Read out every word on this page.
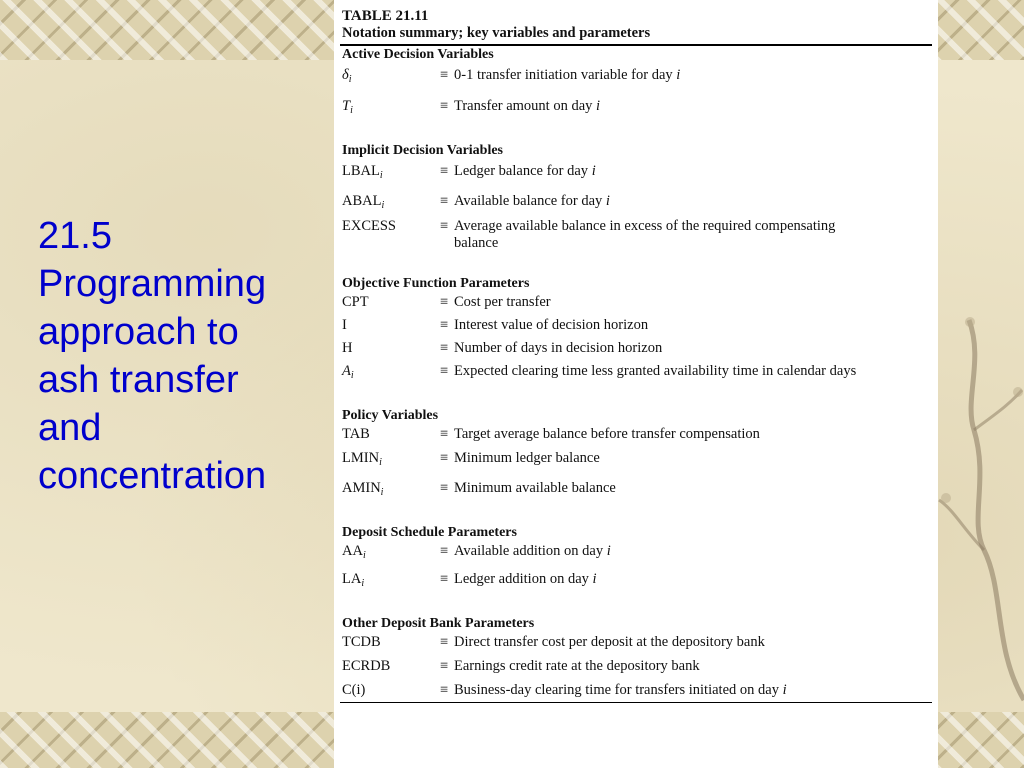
21.5
Programming
approach to
ash transfer
and
concentration
TABLE 21.11
Notation summary; key variables and parameters
Active Decision Variables
$\delta_i$	≡ 0-1 transfer initiation variable for day i
$T_i$	≡ Transfer amount on day i
Implicit Decision Variables
$LBAL_i$	≡ Ledger balance for day i
$ABAL_i$	≡ Available balance for day i
EXCESS	≡ Average available balance in excess of the required compensating
balance
Objective Function Parameters
CPT	≡ Cost per transfer
I	≡ Interest value of decision horizon
H	≡ Number of days in decision horizon
$A_i$	≡ Expected clearing time less granted availability time in calendar days
Policy Variables
TAB	≡ Target average balance before transfer compensation
$LMIN_i$	≡ Minimum ledger balance
$AMIN_i$	≡ Minimum available balance
Deposit Schedule Parameters
$AA_i$	≡ Available addition on day i
$LA_i$	≡ Ledger addition on day i
Other Deposit Bank Parameters
TCDB	≡ Direct transfer cost per deposit at the depository bank
ECRDB	≡ Earnings credit rate at the depository bank
C(i)	≡ Business-day clearing time for transfers initiated on day i
